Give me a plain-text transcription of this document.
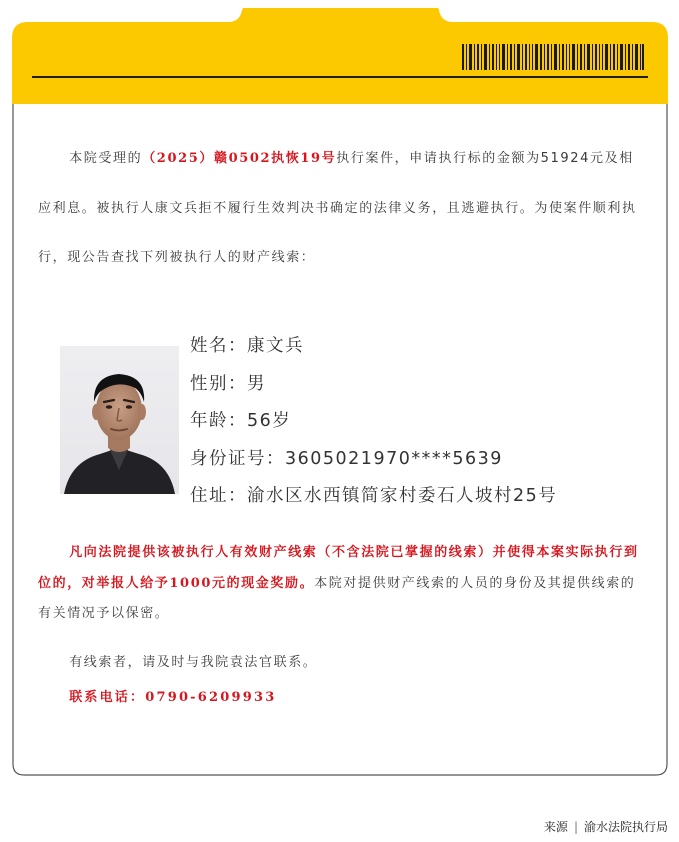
本院受理的（2025）赣0502执恢19号执行案件，申请执行标的金额为51924元及相应利息。被执行人康文兵拒不履行生效判决书确定的法律义务，且逃避执行。为使案件顺利执行，现公告查找下列被执行人的财产线索：

姓名：康文兵
性别：男
年龄：56岁
身份证号：3605021970****5639
住址：渝水区水西镇简家村委石人坡村25号

凡向法院提供该被执行人有效财产线索（不含法院已掌握的线索）并使得本案实际执行到位的，对举报人给予1000元的现金奖励。本院对提供财产线索的人员的身份及其提供线索的有关情况予以保密。

有线索者，请及时与我院袁法官联系。

联系电话：0790-6209933

来源 | 渝水法院执行局
